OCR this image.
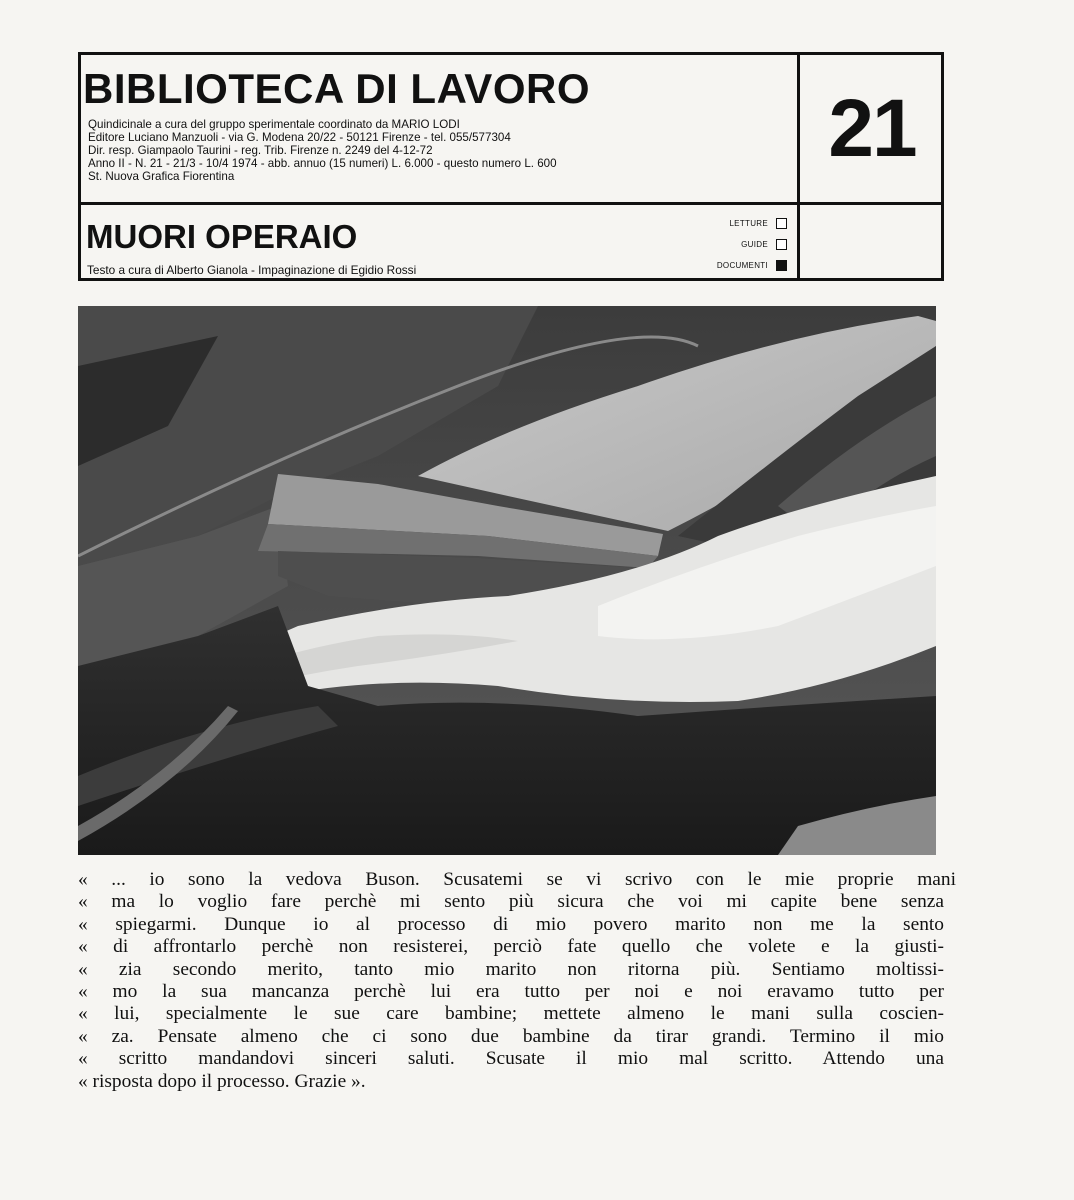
BIBLIOTECA DI LAVORO
Quindicinale a cura del gruppo sperimentale coordinato da MARIO LODI
Editore Luciano Manzuoli - via G. Modena 20/22 - 50121 Firenze - tel. 055/577304
Dir. resp. Giampaolo Taurini - reg. Trib. Firenze n. 2249 del 4-12-72
Anno II - N. 21 - 21/3 - 10/4 1974 - abb. annuo (15 numeri) L. 6.000 - questo numero L. 600
St. Nuova Grafica Fiorentina
21
MUORI OPERAIO
Testo a cura di Alberto Gianola - Impaginazione di Egidio Rossi
LETTURE
GUIDE
DOCUMENTI
« ... io sono la vedova Buson. Scusatemi se vi scrivo con le mie proprie mani
« ma lo voglio fare perchè mi sento più sicura che voi mi capite bene senza
« spiegarmi. Dunque io al processo di mio povero marito non me la sento
« di affrontarlo perchè non resisterei, perciò fate quello che volete e la giusti-
« zia secondo merito, tanto mio marito non ritorna più. Sentiamo moltissi-
« mo la sua mancanza perchè lui era tutto per noi e noi eravamo tutto per
« lui, specialmente le sue care bambine; mettete almeno le mani sulla coscien-
« za. Pensate almeno che ci sono due bambine da tirar grandi. Termino il mio
« scritto mandandovi sinceri saluti. Scusate il mio mal scritto. Attendo una
« risposta dopo il processo. Grazie ».
